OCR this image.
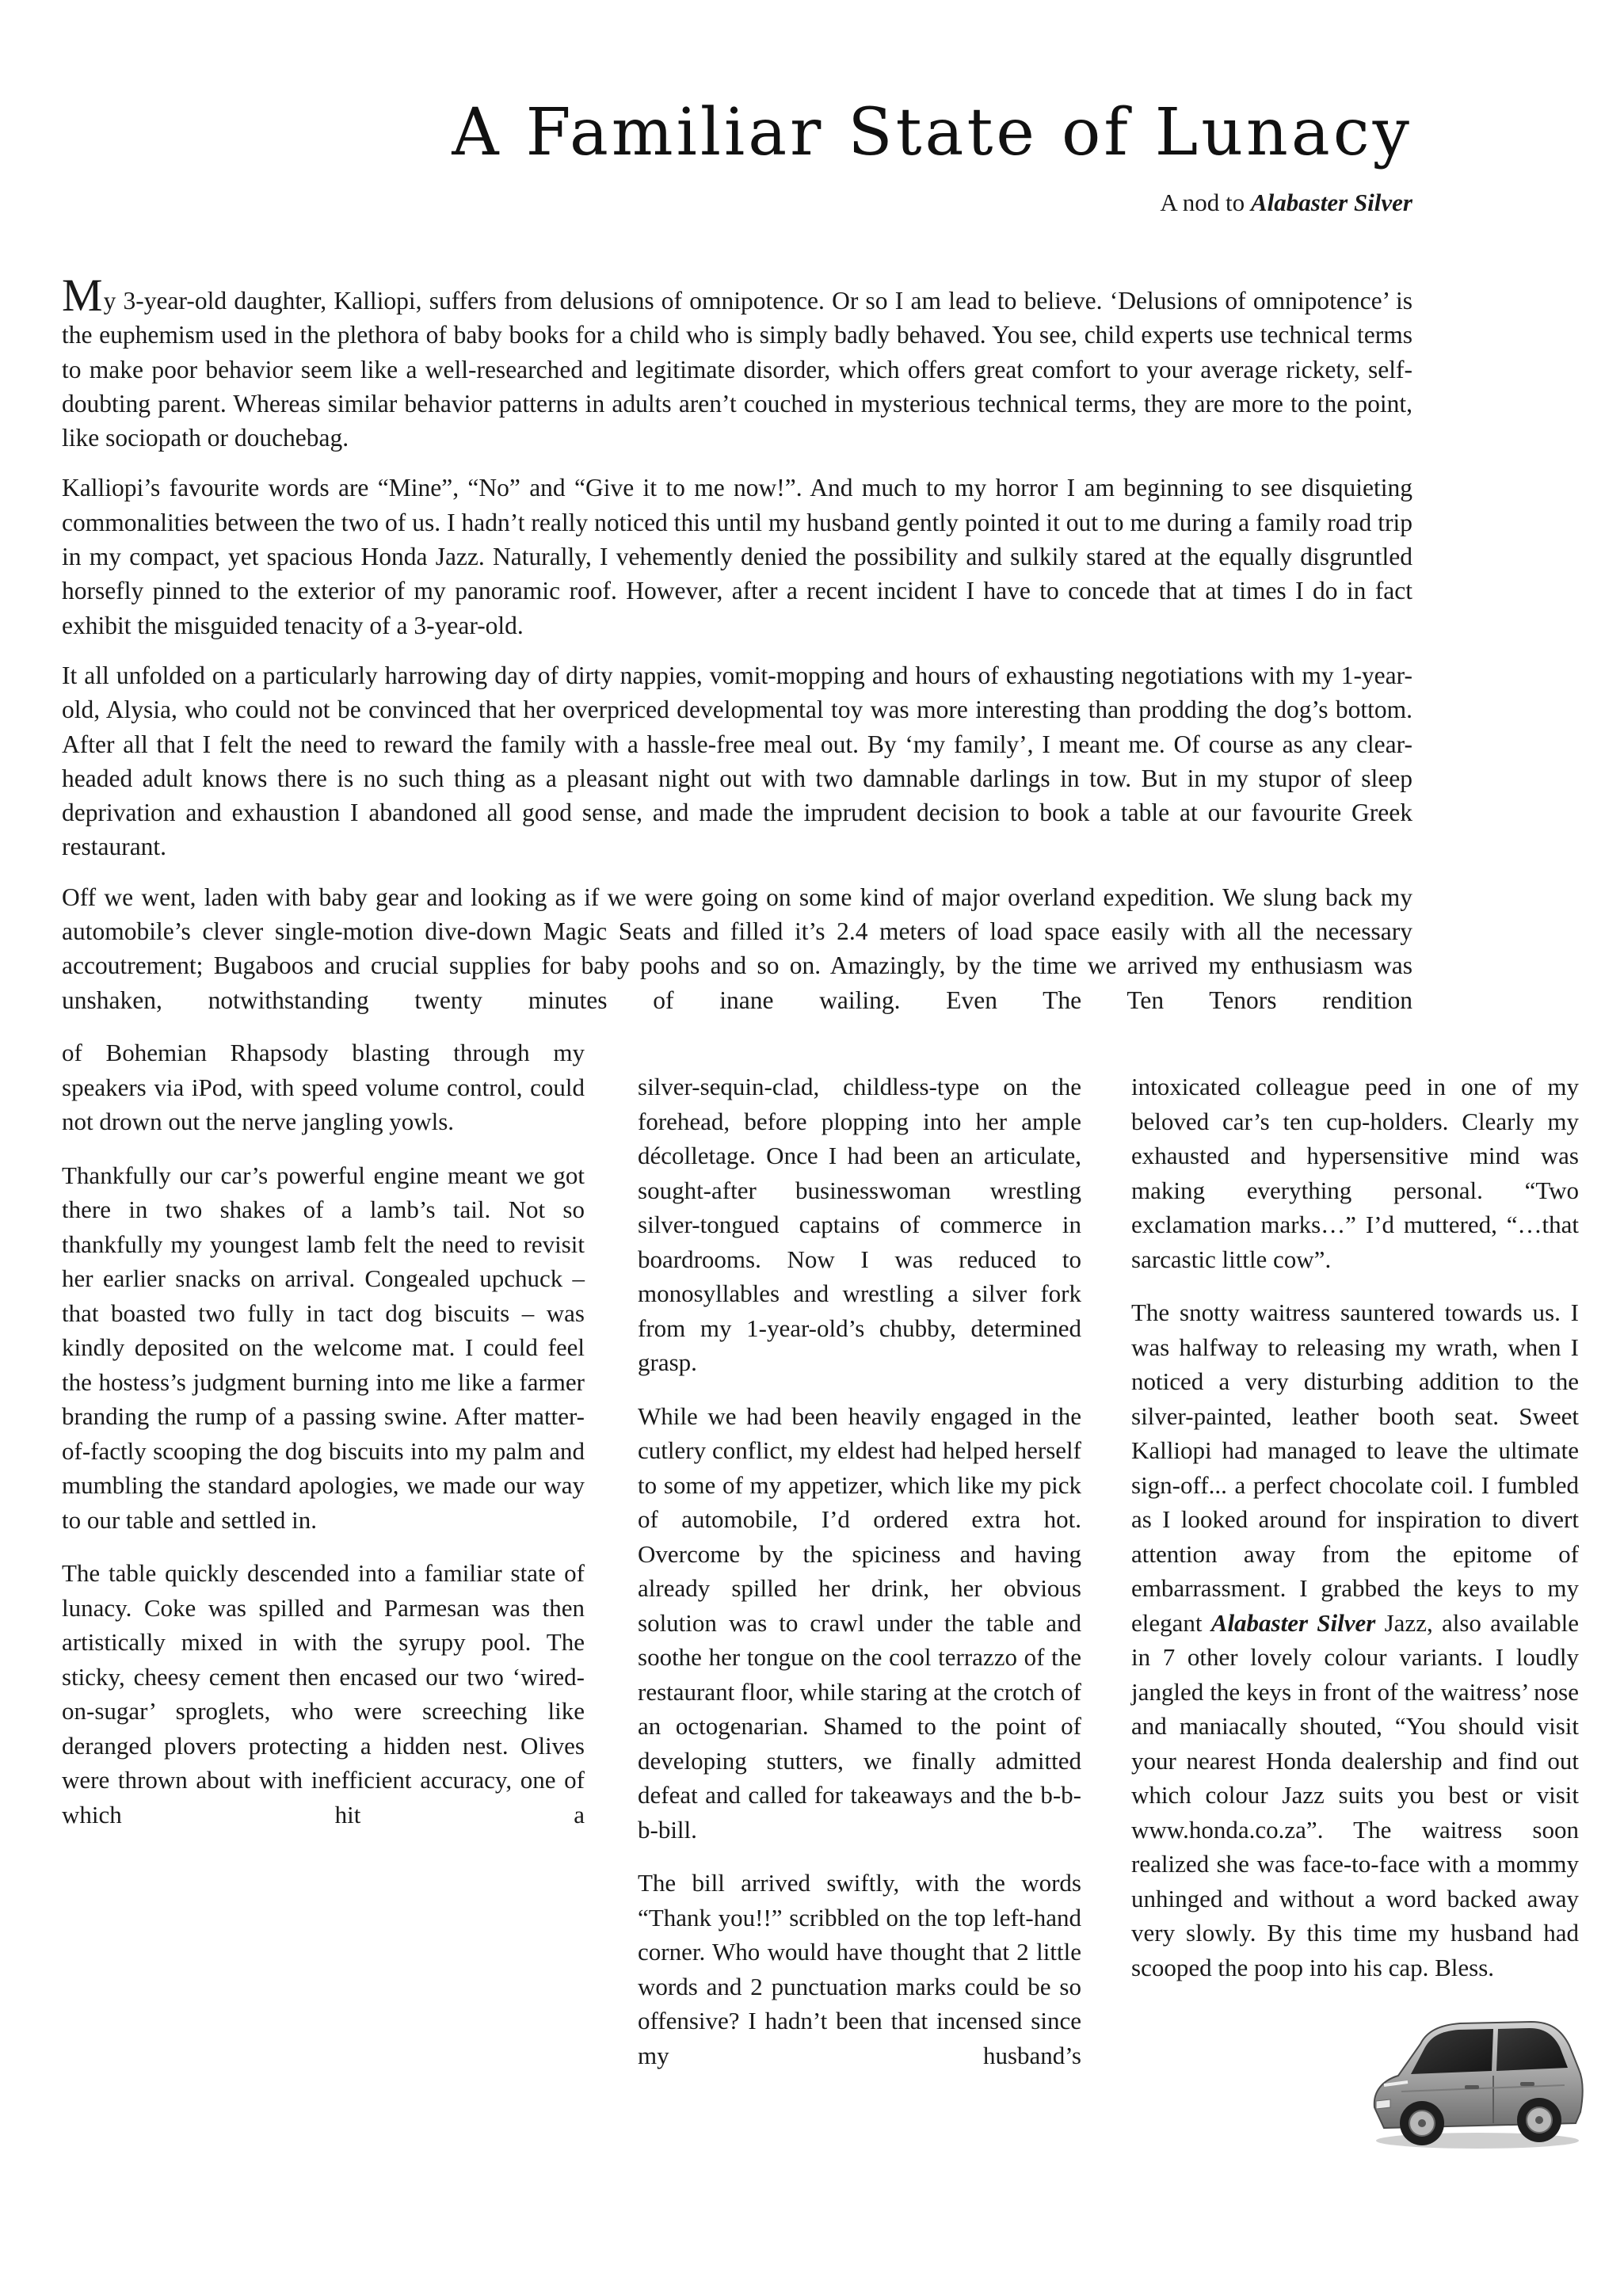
A Familiar State of Lunacy

A nod to Alabaster Silver

My 3-year-old daughter, Kalliopi, suffers from delusions of omnipotence. Or so I am lead to believe. ‘Delusions of omnipotence’ is the euphemism used in the plethora of baby books for a child who is simply badly behaved. You see, child experts use technical terms to make poor behavior seem like a well-researched and legitimate disorder, which offers great comfort to your average rickety, self-doubting parent. Whereas similar behavior patterns in adults aren’t couched in mysterious technical terms, they are more to the point, like sociopath or douchebag.

Kalliopi’s favourite words are “Mine”, “No” and “Give it to me now!”. And much to my horror I am beginning to see disquieting commonalities between the two of us. I hadn’t really noticed this until my husband gently pointed it out to me during a family road trip in my compact, yet spacious Honda Jazz. Naturally, I vehemently denied the possibility and sulkily stared at the equally disgruntled horsefly pinned to the exterior of my panoramic roof. However, after a recent incident I have to concede that at times I do in fact exhibit the misguided tenacity of a 3-year-old.

It all unfolded on a particularly harrowing day of dirty nappies, vomit-mopping and hours of exhausting negotiations with my 1-year-old, Alysia, who could not be convinced that her overpriced developmental toy was more interesting than prodding the dog’s bottom. After all that I felt the need to reward the family with a hassle-free meal out. By ‘my family’, I meant me. Of course as any clear-headed adult knows there is no such thing as a pleasant night out with two damnable darlings in tow. But in my stupor of sleep deprivation and exhaustion I abandoned all good sense, and made the imprudent decision to book a table at our favourite Greek restaurant.

Off we went, laden with baby gear and looking as if we were going on some kind of major overland expedition. We slung back my automobile’s clever single-motion dive-down Magic Seats and filled it’s 2.4 meters of load space easily with all the necessary accoutrement; Bugaboos and crucial supplies for baby poohs and so on. Amazingly, by the time we arrived my enthusiasm was unshaken, notwithstanding twenty minutes of inane wailing. Even The Ten Tenors rendition

of Bohemian Rhapsody blasting through my speakers via iPod, with speed volume control, could not drown out the nerve jangling yowls.

Thankfully our car’s powerful engine meant we got there in two shakes of a lamb’s tail. Not so thankfully my youngest lamb felt the need to revisit her earlier snacks on arrival. Congealed upchuck – that boasted two fully in tact dog biscuits – was kindly deposited on the welcome mat. I could feel the hostess’s judgment burning into me like a farmer branding the rump of a passing swine. After matter-of-factly scooping the dog biscuits into my palm and mumbling the standard apologies, we made our way to our table and settled in.

The table quickly descended into a familiar state of lunacy. Coke was spilled and Parmesan was then artistically mixed in with the syrupy pool. The sticky, cheesy cement then encased our two ‘wired-on-sugar’ sproglets, who were screeching like deranged plovers protecting a hidden nest. Olives were thrown about with inefficient accuracy, one of which hit a

silver-sequin-clad, childless-type on the forehead, before plopping into her ample décolletage. Once I had been an articulate, sought-after businesswoman wrestling silver-tongued captains of commerce in boardrooms. Now I was reduced to monosyllables and wrestling a silver fork from my 1-year-old’s chubby, determined grasp.

While we had been heavily engaged in the cutlery conflict, my eldest had helped herself to some of my appetizer, which like my pick of automobile, I’d ordered extra hot. Overcome by the spiciness and having already spilled her drink, her obvious solution was to crawl under the table and soothe her tongue on the cool terrazzo of the restaurant floor, while staring at the crotch of an octogenarian. Shamed to the point of developing stutters, we finally admitted defeat and called for takeaways and the b-b-b-bill.

The bill arrived swiftly, with the words “Thank you!!” scribbled on the top left-hand corner. Who would have thought that 2 little words and 2 punctuation marks could be so offensive? I hadn’t been that incensed since my husband’s

intoxicated colleague peed in one of my beloved car’s ten cup-holders. Clearly my exhausted and hypersensitive mind was making everything personal. “Two exclamation marks…” I’d muttered, “…that sarcastic little cow”.

The snotty waitress sauntered towards us. I was halfway to releasing my wrath, when I noticed a very disturbing addition to the silver-painted, leather booth seat. Sweet Kalliopi had managed to leave the ultimate sign-off... a perfect chocolate coil. I fumbled as I looked around for inspiration to divert attention away from the epitome of embarrassment. I grabbed the keys to my elegant Alabaster Silver Jazz, also available in 7 other lovely colour variants. I loudly jangled the keys in front of the waitress’ nose and maniacally shouted, “You should visit your nearest Honda dealership and find out which colour Jazz suits you best or visit www.honda.co.za”. The waitress soon realized she was face-to-face with a mommy unhinged and without a word backed away very slowly. By this time my husband had scooped the poop into his cap. Bless.
